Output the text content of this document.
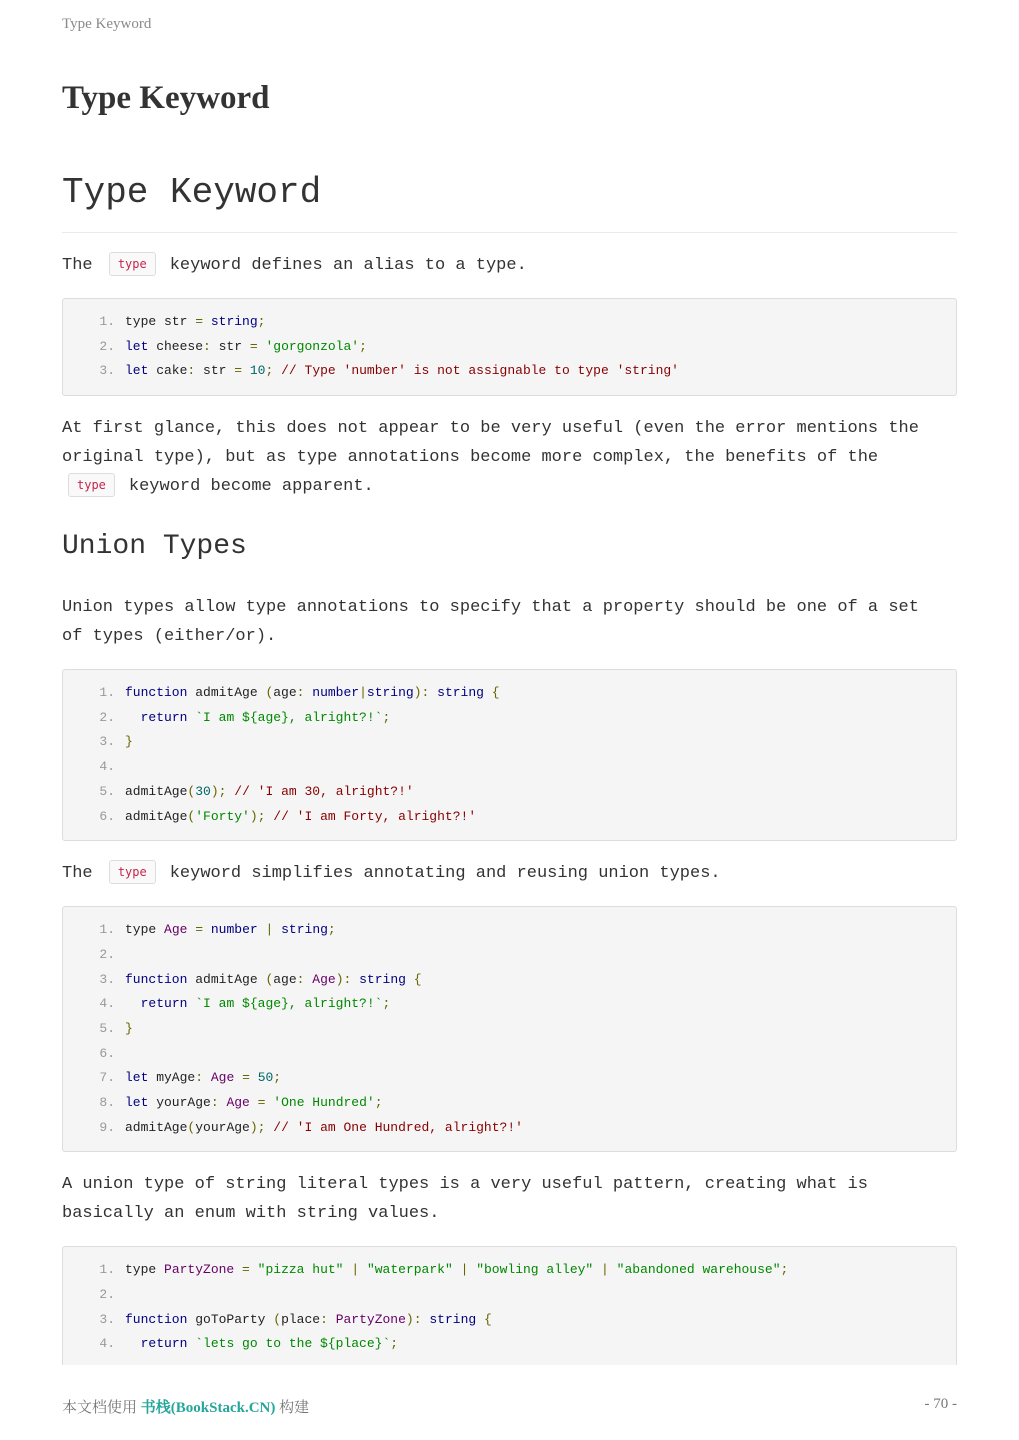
Type Keyword
Type Keyword
Type Keyword

The type keyword defines an alias to a type.

1. type str = string;
2. let cheese: str = 'gorgonzola';
3. let cake: str = 10; // Type 'number' is not assignable to type 'string'

At first glance, this does not appear to be very useful (even the error mentions the
original type), but as type annotations become more complex, the benefits of the
type keyword become apparent.

Union Types

Union types allow type annotations to specify that a property should be one of a set
of types (either/or).

1. function admitAge (age: number|string): string {
2. return `I am ${age}, alright?!`;
3. }
4.
5. admitAge(30); // 'I am 30, alright?!'
6. admitAge('Forty'); // 'I am Forty, alright?!'

The type keyword simplifies annotating and reusing union types.

1. type Age = number | string;
2.
3. function admitAge (age: Age): string {
4. return `I am ${age}, alright?!`;
5. }
6.
7. let myAge: Age = 50;
8. let yourAge: Age = 'One Hundred';
9. admitAge(yourAge); // 'I am One Hundred, alright?!'

A union type of string literal types is a very useful pattern, creating what is
basically an enum with string values.

1. type PartyZone = "pizza hut" | "waterpark" | "bowling alley" | "abandoned warehouse";
2.
3. function goToParty (place: PartyZone): string {
4. return `lets go to the ${place}`;
本文档使用 书栈(BookStack.CN) 构建	- 70 -
